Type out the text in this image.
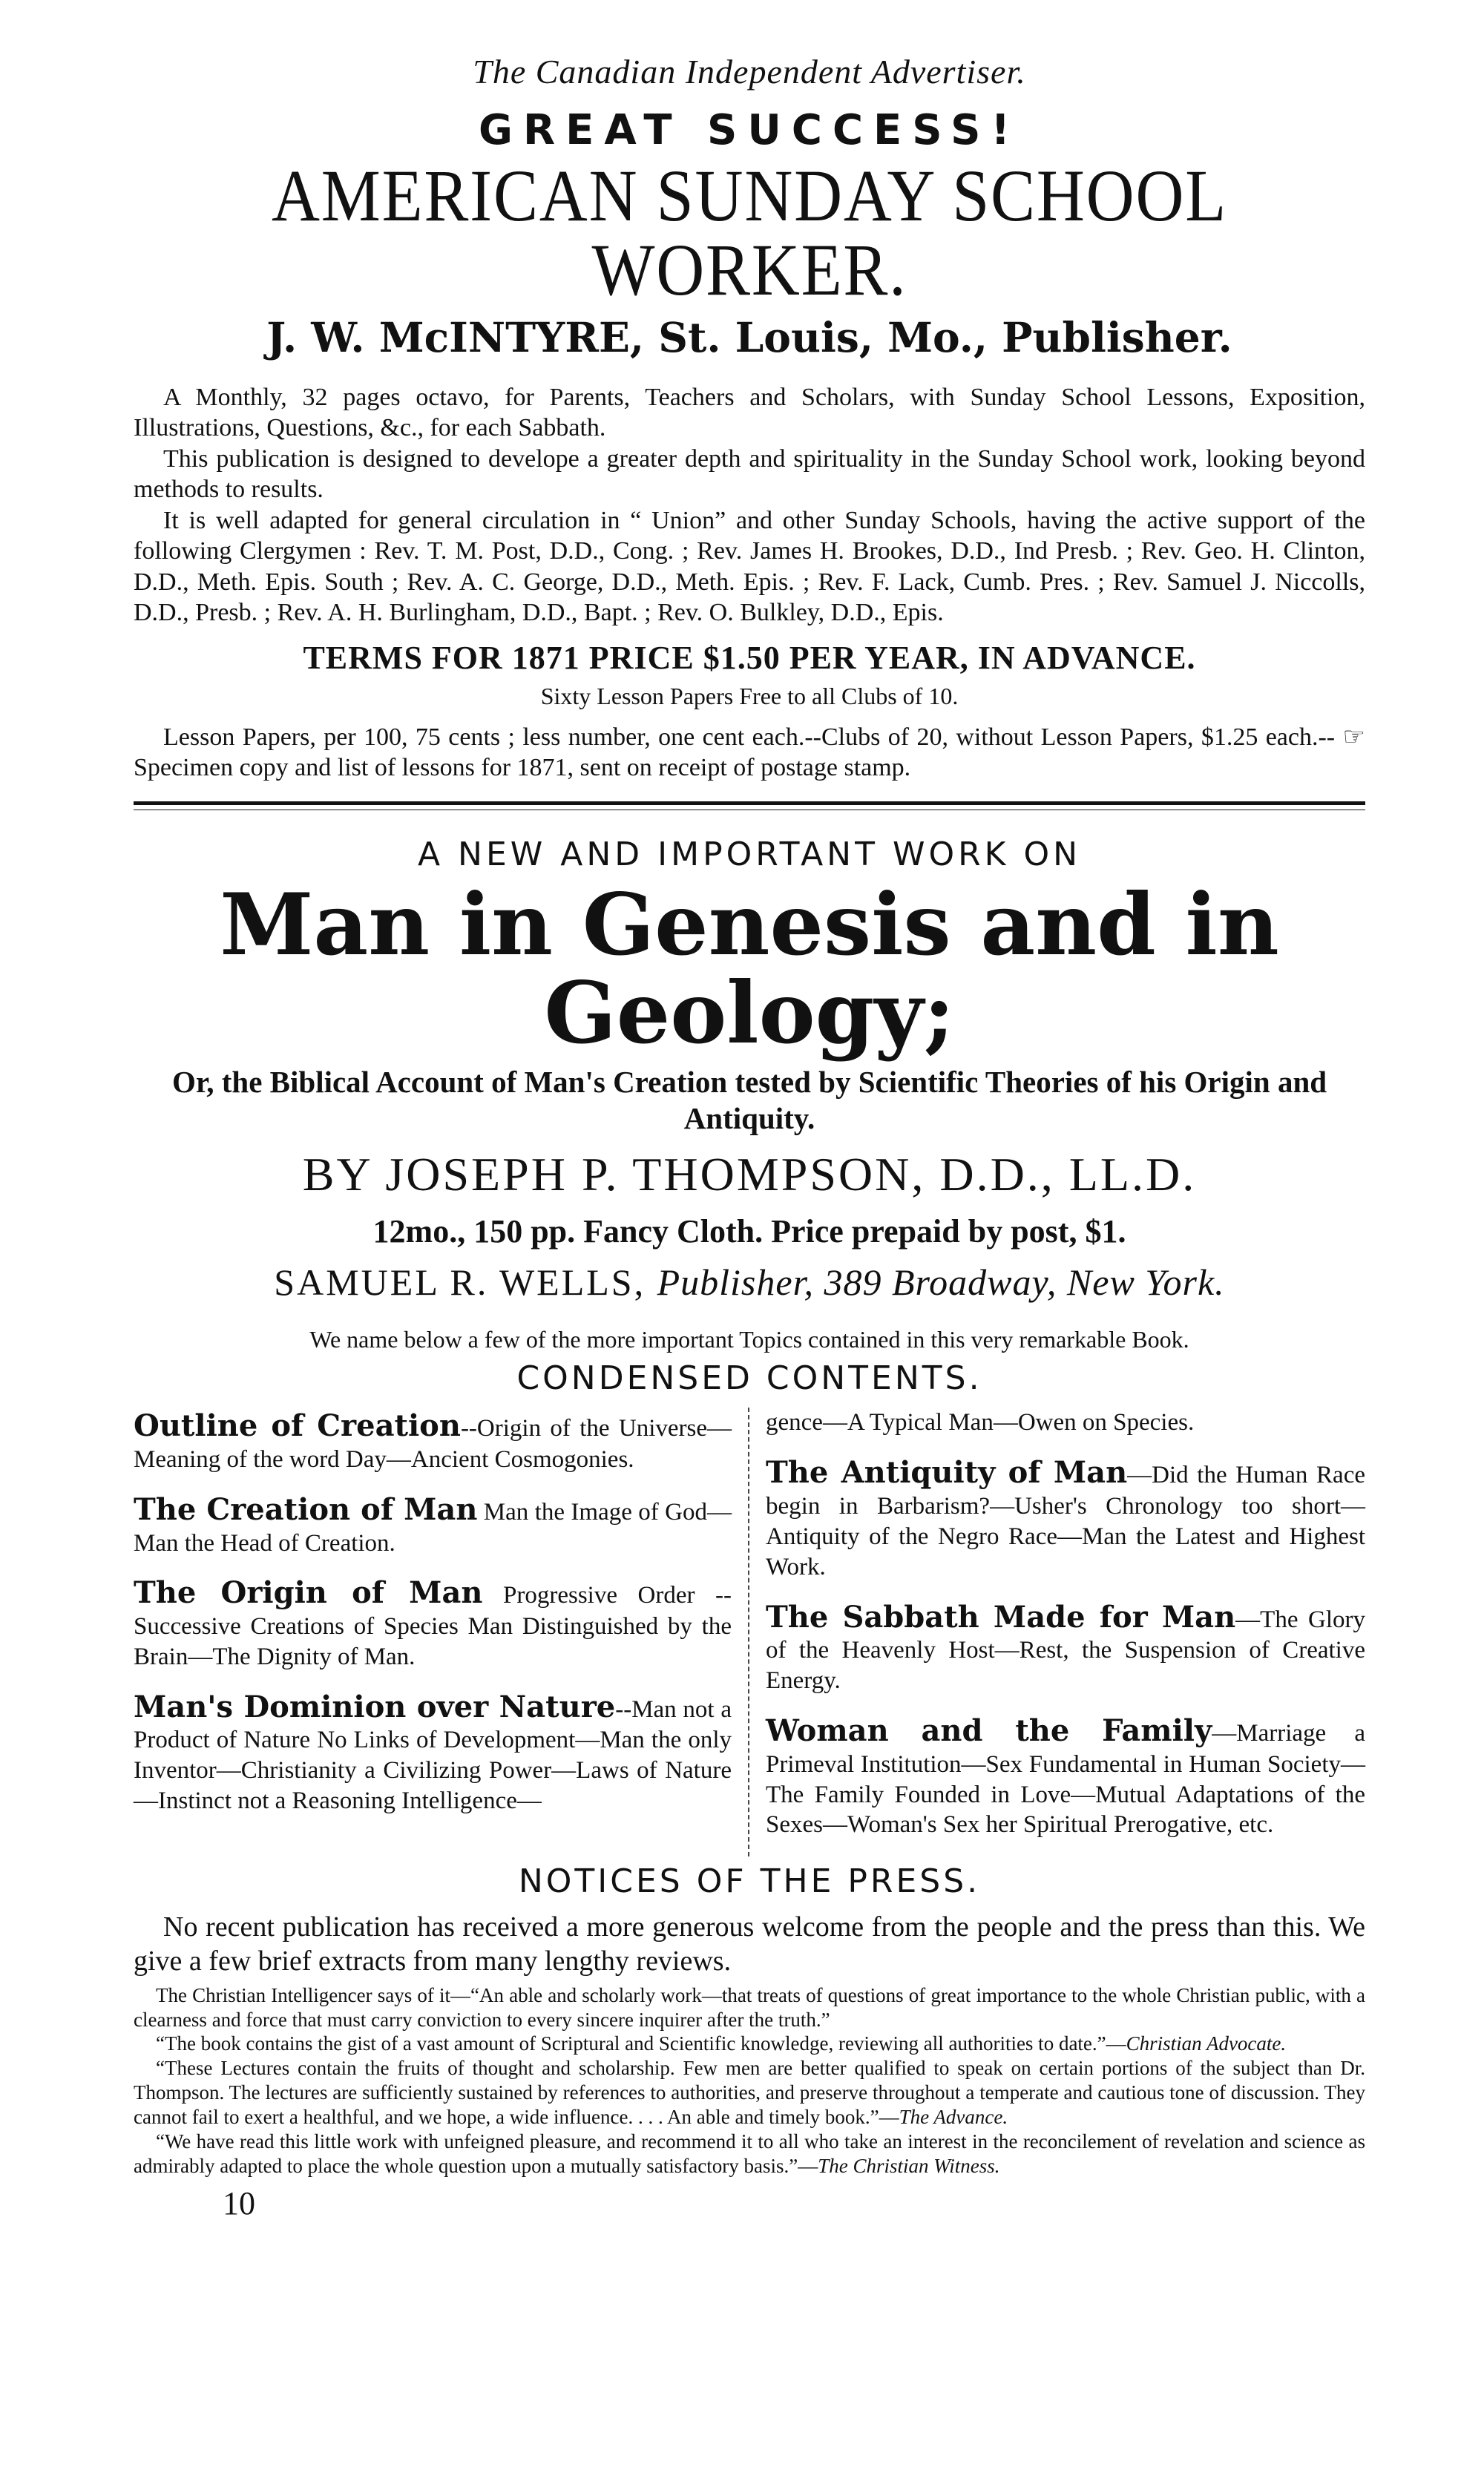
The Canadian Independent Advertiser.

GREAT SUCCESS!

AMERICAN SUNDAY SCHOOL WORKER.

J. W. McINTYRE, St. Louis, Mo., Publisher.

A Monthly, 32 pages octavo, for Parents, Teachers and Scholars, with Sunday School Lessons, Exposition, Illustrations, Questions, &c., for each Sabbath.

This publication is designed to develope a greater depth and spirituality in the Sunday School work, looking beyond methods to results.

It is well adapted for general circulation in “ Union” and other Sunday Schools, having the active support of the following Clergymen : Rev. T. M. Post, D.D., Cong. ; Rev. James H. Brookes, D.D., Ind Presb. ; Rev. Geo. H. Clinton, D.D., Meth. Epis. South ; Rev. A. C. George, D.D., Meth. Epis. ; Rev. F. Lack, Cumb. Pres. ; Rev. Samuel J. Niccolls, D.D., Presb. ; Rev. A. H. Burlingham, D.D., Bapt. ; Rev. O. Bulkley, D.D., Epis.

TERMS FOR 1871 PRICE $1.50 PER YEAR, IN ADVANCE.

Sixty Lesson Papers Free to all Clubs of 10.

Lesson Papers, per 100, 75 cents ; less number, one cent each.--Clubs of 20, without Lesson Papers, $1.25 each.-- ☞ Specimen copy and list of lessons for 1871, sent on receipt of postage stamp.

A NEW AND IMPORTANT WORK ON

Man in Genesis and in Geology;

Or, the Biblical Account of Man's Creation tested by Scientific Theories of his Origin and Antiquity.

BY JOSEPH P. THOMPSON, D.D., LL.D.

12mo., 150 pp. Fancy Cloth. Price prepaid by post, $1.

SAMUEL R. WELLS, Publisher, 389 Broadway, New York.

We name below a few of the more important Topics contained in this very remarkable Book.

CONDENSED CONTENTS.

Outline of Creation--Origin of the Universe—Meaning of the word Day—Ancient Cosmogonies.

The Creation of Man Man the Image of God—Man the Head of Creation.

The Origin of Man Progressive Order --Successive Creations of Species Man Distinguished by the Brain—The Dignity of Man.

Man's Dominion over Nature--Man not a Product of Nature No Links of Development—Man the only Inventor—Christianity a Civilizing Power—Laws of Nature—Instinct not a Reasoning Intelligence—

gence—A Typical Man—Owen on Species.

The Antiquity of Man—Did the Human Race begin in Barbarism?—Usher's Chronology too short—Antiquity of the Negro Race—Man the Latest and Highest Work.

The Sabbath Made for Man—The Glory of the Heavenly Host—Rest, the Suspension of Creative Energy.

Woman and the Family—Marriage a Primeval Institution—Sex Fundamental in Human Society—The Family Founded in Love—Mutual Adaptations of the Sexes—Woman's Sex her Spiritual Prerogative, etc.

NOTICES OF THE PRESS.

No recent publication has received a more generous welcome from the people and the press than this. We give a few brief extracts from many lengthy reviews.

The Christian Intelligencer says of it—“An able and scholarly work—that treats of questions of great importance to the whole Christian public, with a clearness and force that must carry conviction to every sincere inquirer after the truth.”

“The book contains the gist of a vast amount of Scriptural and Scientific knowledge, reviewing all authorities to date.”—Christian Advocate.

“These Lectures contain the fruits of thought and scholarship. Few men are better qualified to speak on certain portions of the subject than Dr. Thompson. The lectures are sufficiently sustained by references to authorities, and preserve throughout a temperate and cautious tone of discussion. They cannot fail to exert a healthful, and we hope, a wide influence. . . . An able and timely book.”—The Advance.

“We have read this little work with unfeigned pleasure, and recommend it to all who take an interest in the reconcilement of revelation and science as admirably adapted to place the whole question upon a mutually satisfactory basis.”—The Christian Witness.

10
